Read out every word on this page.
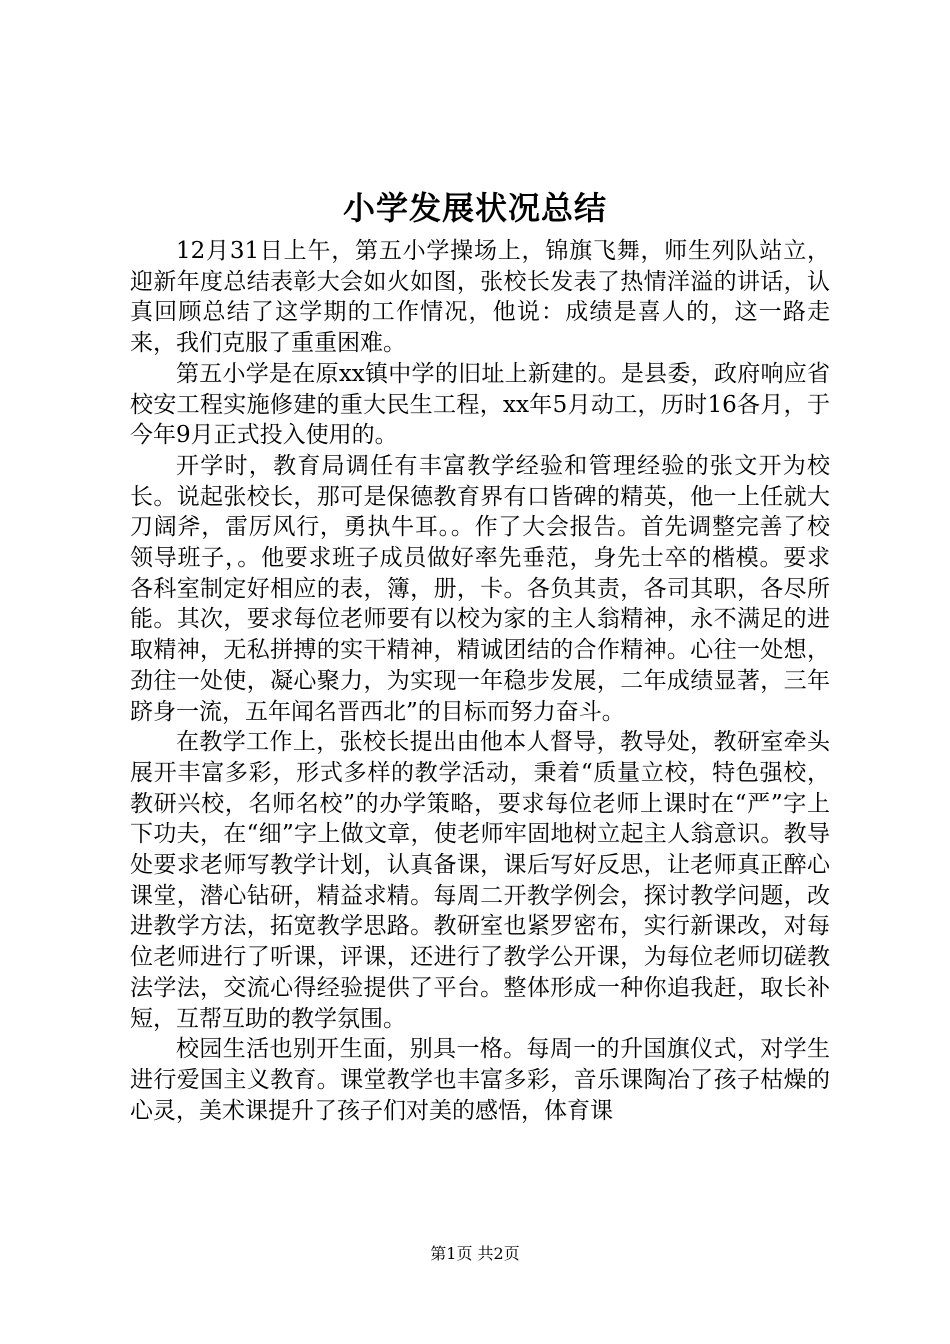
小学发展状况总结

12月31日上午，第五小学操场上，锦旗飞舞，师生列队站立，迎新年度总结表彰大会如火如图，张校长发表了热情洋溢的讲话，认真回顾总结了这学期的工作情况，他说：成绩是喜人的，这一路走来，我们克服了重重困难。

第五小学是在原xx镇中学的旧址上新建的。是县委，政府响应省校安工程实施修建的重大民生工程，xx年5月动工，历时16各月，于今年9月正式投入使用的。

开学时，教育局调任有丰富教学经验和管理经验的张文开为校长。说起张校长，那可是保德教育界有口皆碑的精英，他一上任就大刀阔斧，雷厉风行，勇执牛耳。。作了大会报告。首先调整完善了校领导班子，。他要求班子成员做好率先垂范，身先士卒的楷模。要求各科室制定好相应的表，簿，册，卡。各负其责，各司其职，各尽所能。其次，要求每位老师要有以校为家的主人翁精神，永不满足的进取精神，无私拼搏的实干精神，精诚团结的合作精神。心往一处想，劲往一处使，凝心聚力，为实现一年稳步发展，二年成绩显著，三年跻身一流，五年闻名晋西北”的目标而努力奋斗。

在教学工作上，张校长提出由他本人督导，教导处，教研室牵头展开丰富多彩，形式多样的教学活动，秉着“质量立校，特色强校，教研兴校，名师名校”的办学策略，要求每位老师上课时在“严”字上下功夫，在“细”字上做文章，使老师牢固地树立起主人翁意识。教导处要求老师写教学计划，认真备课，课后写好反思，让老师真正醉心课堂，潜心钻研，精益求精。每周二开教学例会，探讨教学问题，改进教学方法，拓宽教学思路。教研室也紧罗密布，实行新课改，对每位老师进行了听课，评课，还进行了教学公开课，为每位老师切磋教法学法，交流心得经验提供了平台。整体形成一种你追我赶，取长补短，互帮互助的教学氛围。

校园生活也别开生面，别具一格。每周一的升国旗仪式，对学生进行爱国主义教育。课堂教学也丰富多彩，音乐课陶冶了孩子枯燥的心灵，美术课提升了孩子们对美的感悟，体育课

第1页 共2页
